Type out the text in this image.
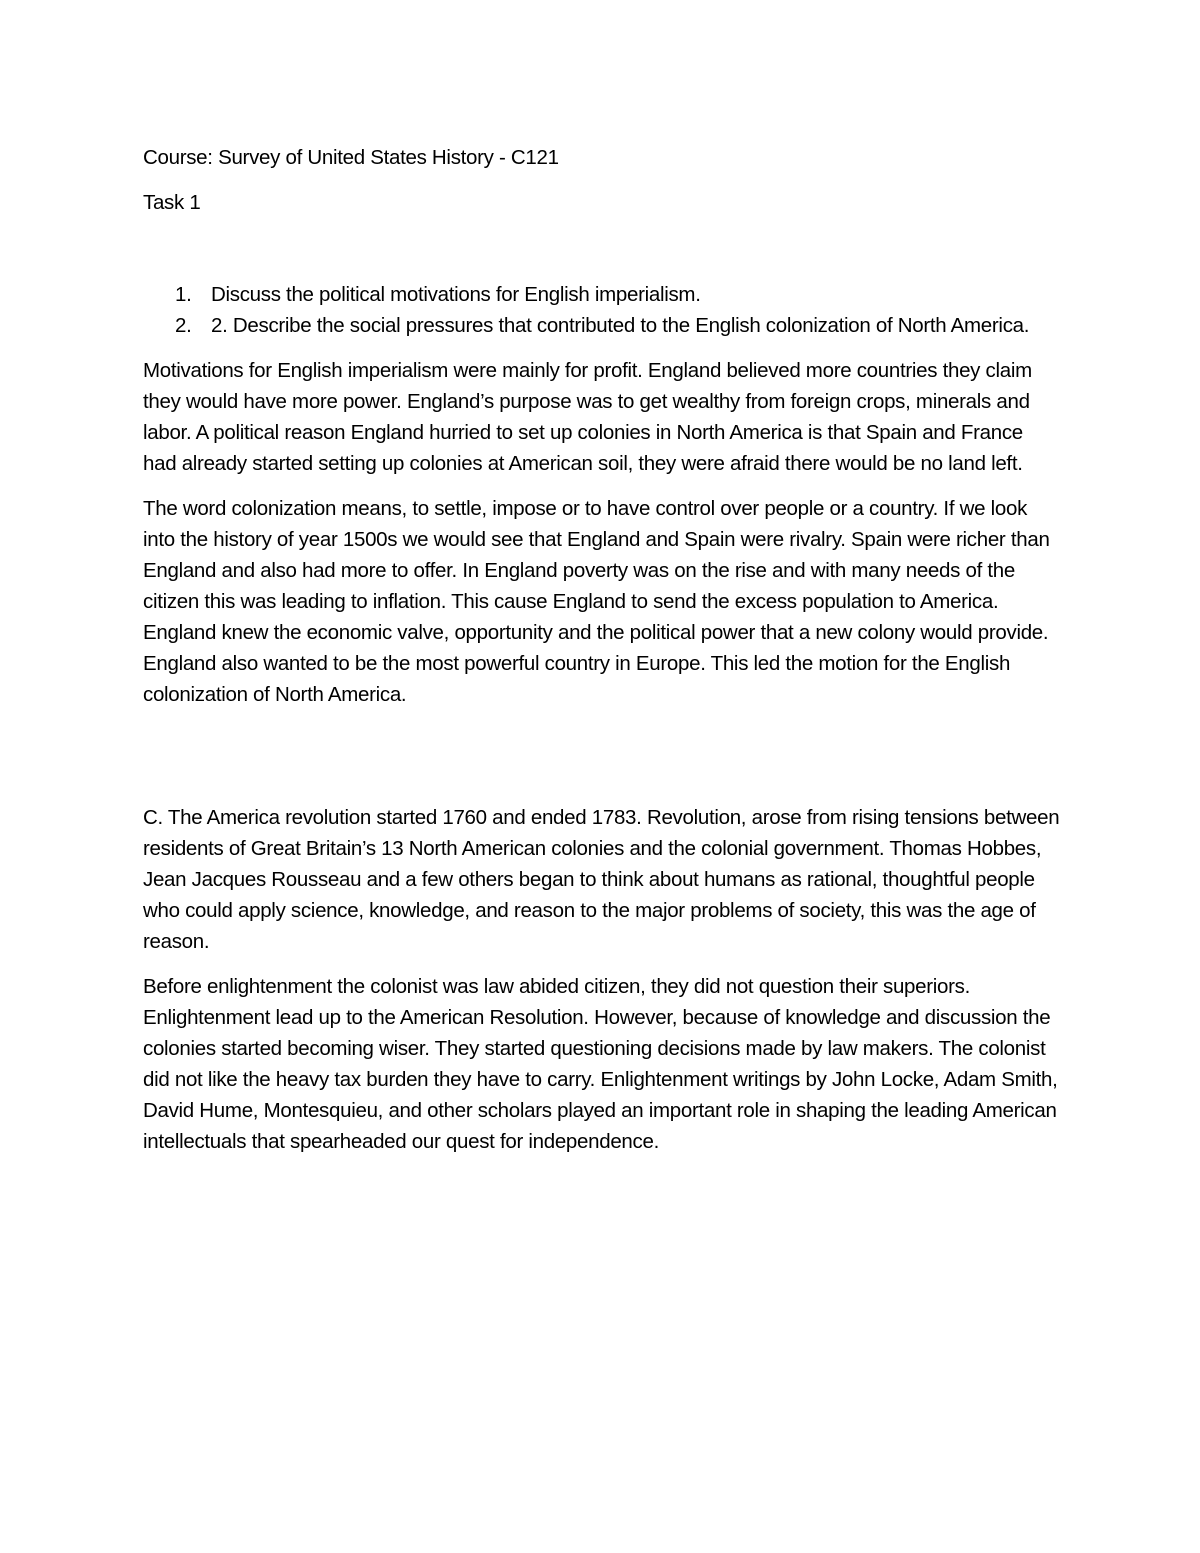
Course: Survey of United States History - C121

Task 1

1. Discuss the political motivations for English imperialism.
2. 2. Describe the social pressures that contributed to the English colonization of North America.

Motivations for English imperialism were mainly for profit. England believed more countries they claim they would have more power. England’s purpose was to get wealthy from foreign crops, minerals and labor. A political reason England hurried to set up colonies in North America is that Spain and France had already started setting up colonies at American soil, they were afraid there would be no land left.

The word colonization means, to settle, impose or to have control over people or a country. If we look into the history of year 1500s we would see that England and Spain were rivalry. Spain were richer than England and also had more to offer. In England poverty was on the rise and with many needs of the citizen this was leading to inflation. This cause England to send the excess population to America. England knew the economic valve, opportunity and the political power that a new colony would provide. England also wanted to be the most powerful country in Europe. This led the motion for the English colonization of North America.

C. The America revolution started 1760 and ended 1783. Revolution, arose from rising tensions between residents of Great Britain’s 13 North American colonies and the colonial government. Thomas Hobbes, Jean Jacques Rousseau and a few others began to think about humans as rational, thoughtful people who could apply science, knowledge, and reason to the major problems of society, this was the age of reason.

Before enlightenment the colonist was law abided citizen, they did not question their superiors. Enlightenment lead up to the American Resolution. However, because of knowledge and discussion the colonies started becoming wiser. They started questioning decisions made by law makers. The colonist did not like the heavy tax burden they have to carry. Enlightenment writings by John Locke, Adam Smith, David Hume, Montesquieu, and other scholars played an important role in shaping the leading American intellectuals that spearheaded our quest for independence.
